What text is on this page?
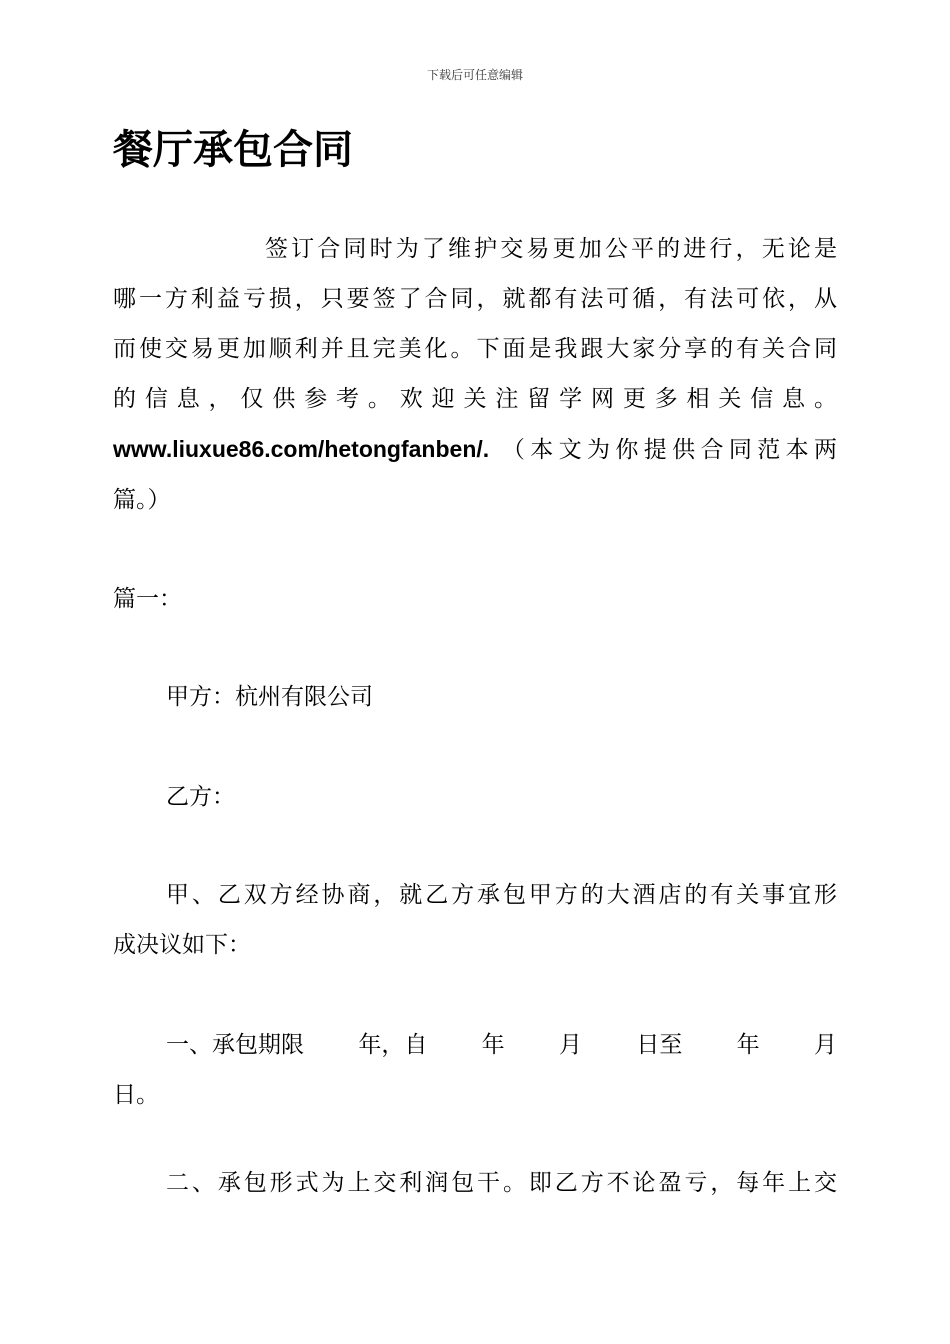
下载后可任意编辑
餐厅承包合同

签订合同时为了维护交易更加公平的进行，无论是
哪一方利益亏损，只要签了合同，就都有法可循，有法可依，从
而使交易更加顺利并且完美化。下面是我跟大家分享的有关合同
的信息，仅供参考。欢迎关注留学网更多相关信息。
www.liuxue86.com/hetongfanben/. （本文为你提供合同范本两
篇。）

篇一：

甲方：杭州有限公司

乙方：

甲、乙双方经协商，就乙方承包甲方的大酒店的有关事宜形
成决议如下：

一、承包期限 年，自 年 月 日至 年 月
日。

二、承包形式为上交利润包干。即乙方不论盈亏，每年上交
